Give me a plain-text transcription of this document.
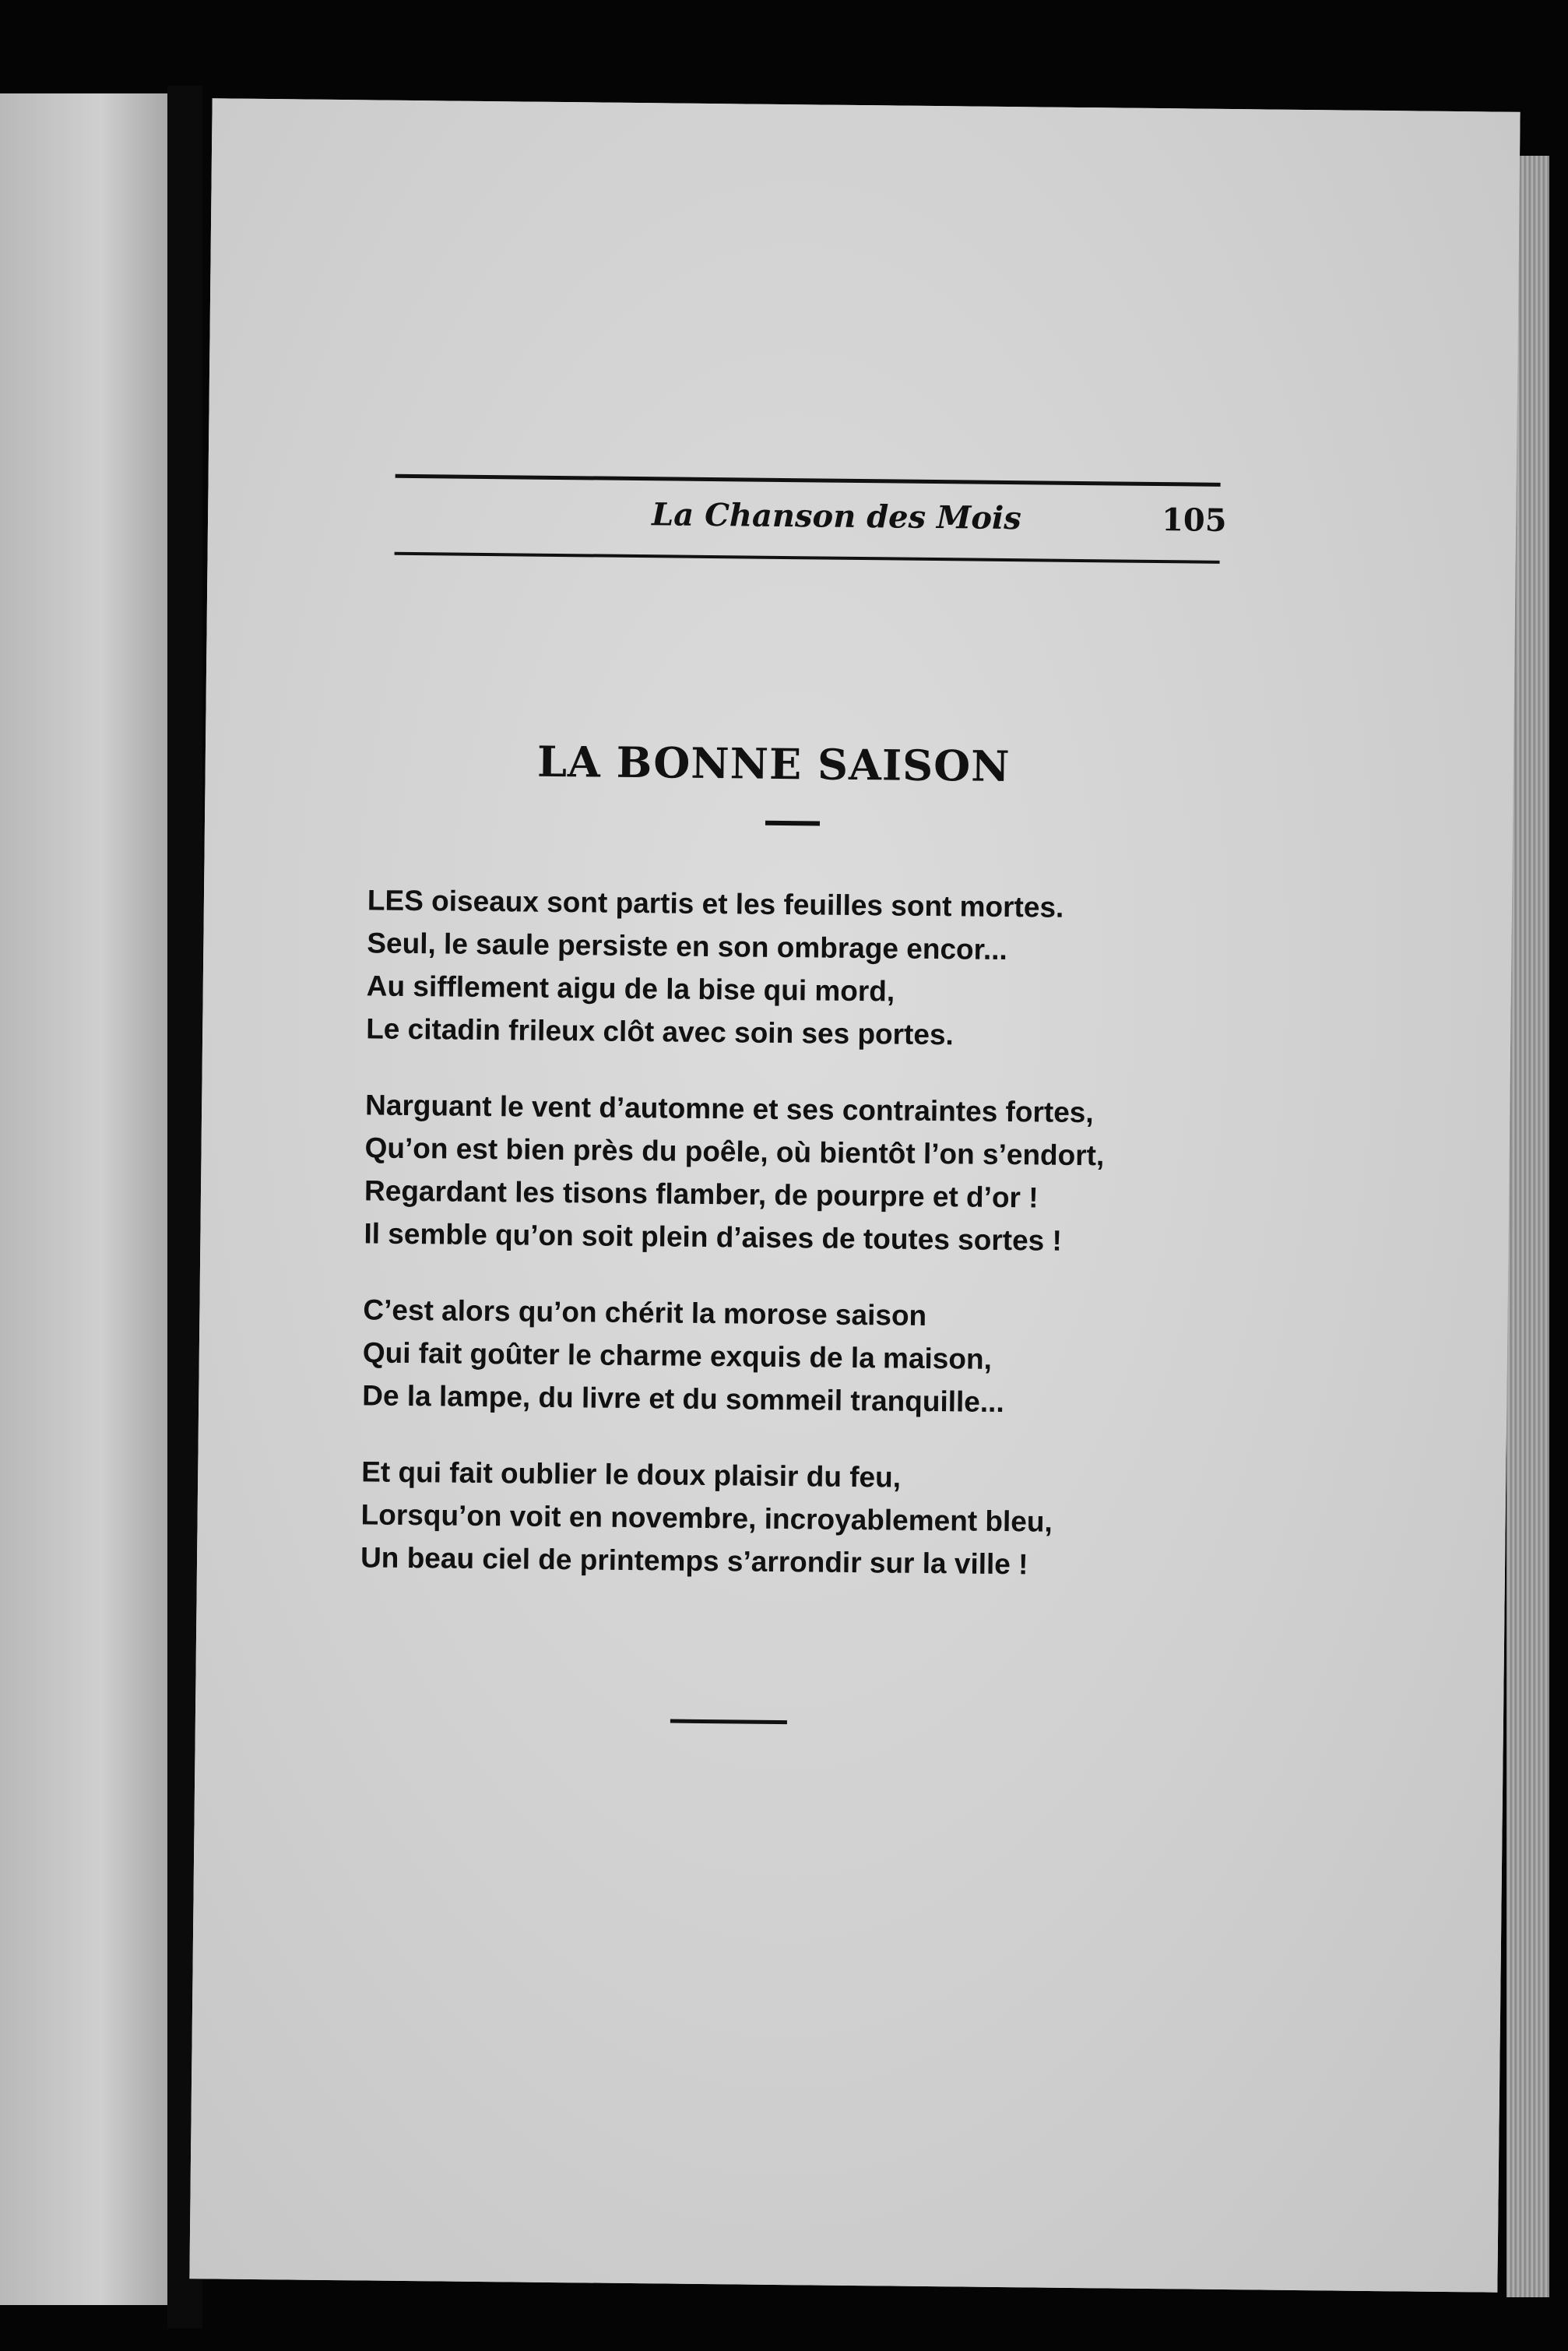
La Chanson des Mois	105
LA BONNE SAISON
LES oiseaux sont partis et les feuilles sont mortes.
Seul, le saule persiste en son ombrage encor...
Au sifflement aigu de la bise qui mord,
Le citadin frileux clôt avec soin ses portes.
Narguant le vent d’automne et ses contraintes fortes,
Qu’on est bien près du poêle, où bientôt l’on s’endort,
Regardant les tisons flamber, de pourpre et d’or !
Il semble qu’on soit plein d’aises de toutes sortes !
C’est alors qu’on chérit la morose saison
Qui fait goûter le charme exquis de la maison,
De la lampe, du livre et du sommeil tranquille...
Et qui fait oublier le doux plaisir du feu,
Lorsqu’on voit en novembre, incroyablement bleu,
Un beau ciel de printemps s’arrondir sur la ville !
